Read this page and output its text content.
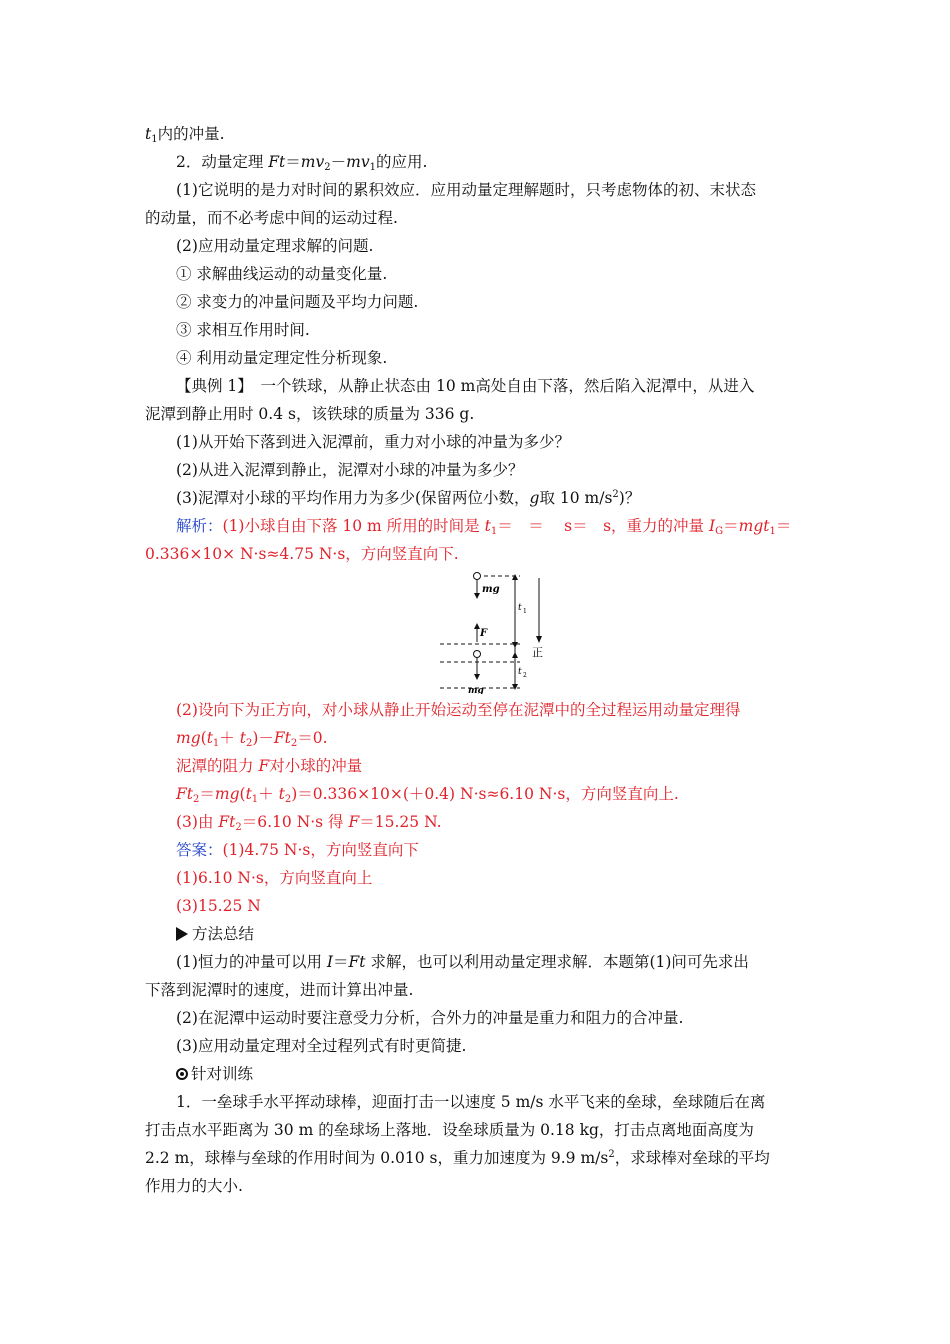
$t_1$内的冲量.
2．动量定理 $Ft=mv_2-mv_1$的应用.
(1)它说明的是力对时间的累积效应．应用动量定理解题时，只考虑物体的初、末状态
的动量，而不必考虑中间的运动过程.
(2)应用动量定理求解的问题.
① 求解曲线运动的动量变化量.
② 求变力的冲量问题及平均力问题.
③ 求相互作用时间.
④ 利用动量定理定性分析现象.
【典例 1】　一个铁球，从静止状态由 10 m高处自由下落，然后陷入泥潭中，从进入
泥潭到静止用时 0.4 s，该铁球的质量为 336 g.
(1)从开始下落到进入泥潭前，重力对小球的冲量为多少？
(2)从进入泥潭到静止，泥潭对小球的冲量为多少？
(3)泥潭对小球的平均作用力为多少(保留两位小数，g取 10 $m/s^2$)？
解析：(1)小球自由下落 10 m 所用的时间是 $t_1=$　＝　 s＝　s，重力的冲量 $I_G=mgt_1=$
0.336×10× N·s≈4.75 N·s，方向竖直向下.
mg
t 1
F
t 2
正
mg
(2)设向下为正方向，对小球从静止开始运动至停在泥潭中的全过程运用动量定理得
$mg(t_1+ t_2)-Ft_2=0$.
泥潭的阻力 F对小球的冲量
$Ft_2=mg(t_1+ t_2)=0.336\times 10\times(+0.4)$ N·s≈6.10 N·s，方向竖直向上.
(3)由 $Ft_2=6.10$ N·s 得 F＝15.25 N.
答案：(1)4.75 N·s，方向竖直向下
(1)6.10 N·s，方向竖直向上
(3)15.25 N
方法总结
(1)恒力的冲量可以用 I＝Ft 求解，也可以利用动量定理求解．本题第(1)问可先求出
下落到泥潭时的速度，进而计算出冲量.
(2)在泥潭中运动时要注意受力分析，合外力的冲量是重力和阻力的合冲量.
(3)应用动量定理对全过程列式有时更简捷.
针对训练
1．一垒球手水平挥动球棒，迎面打击一以速度 5 m/s 水平飞来的垒球，垒球随后在离
打击点水平距离为 30 m 的垒球场上落地．设垒球质量为 0.18 kg，打击点离地面高度为
2.2 m，球棒与垒球的作用时间为 0.010 s，重力加速度为 9.9 $m/s^2$，求球棒对垒球的平均
作用力的大小.
